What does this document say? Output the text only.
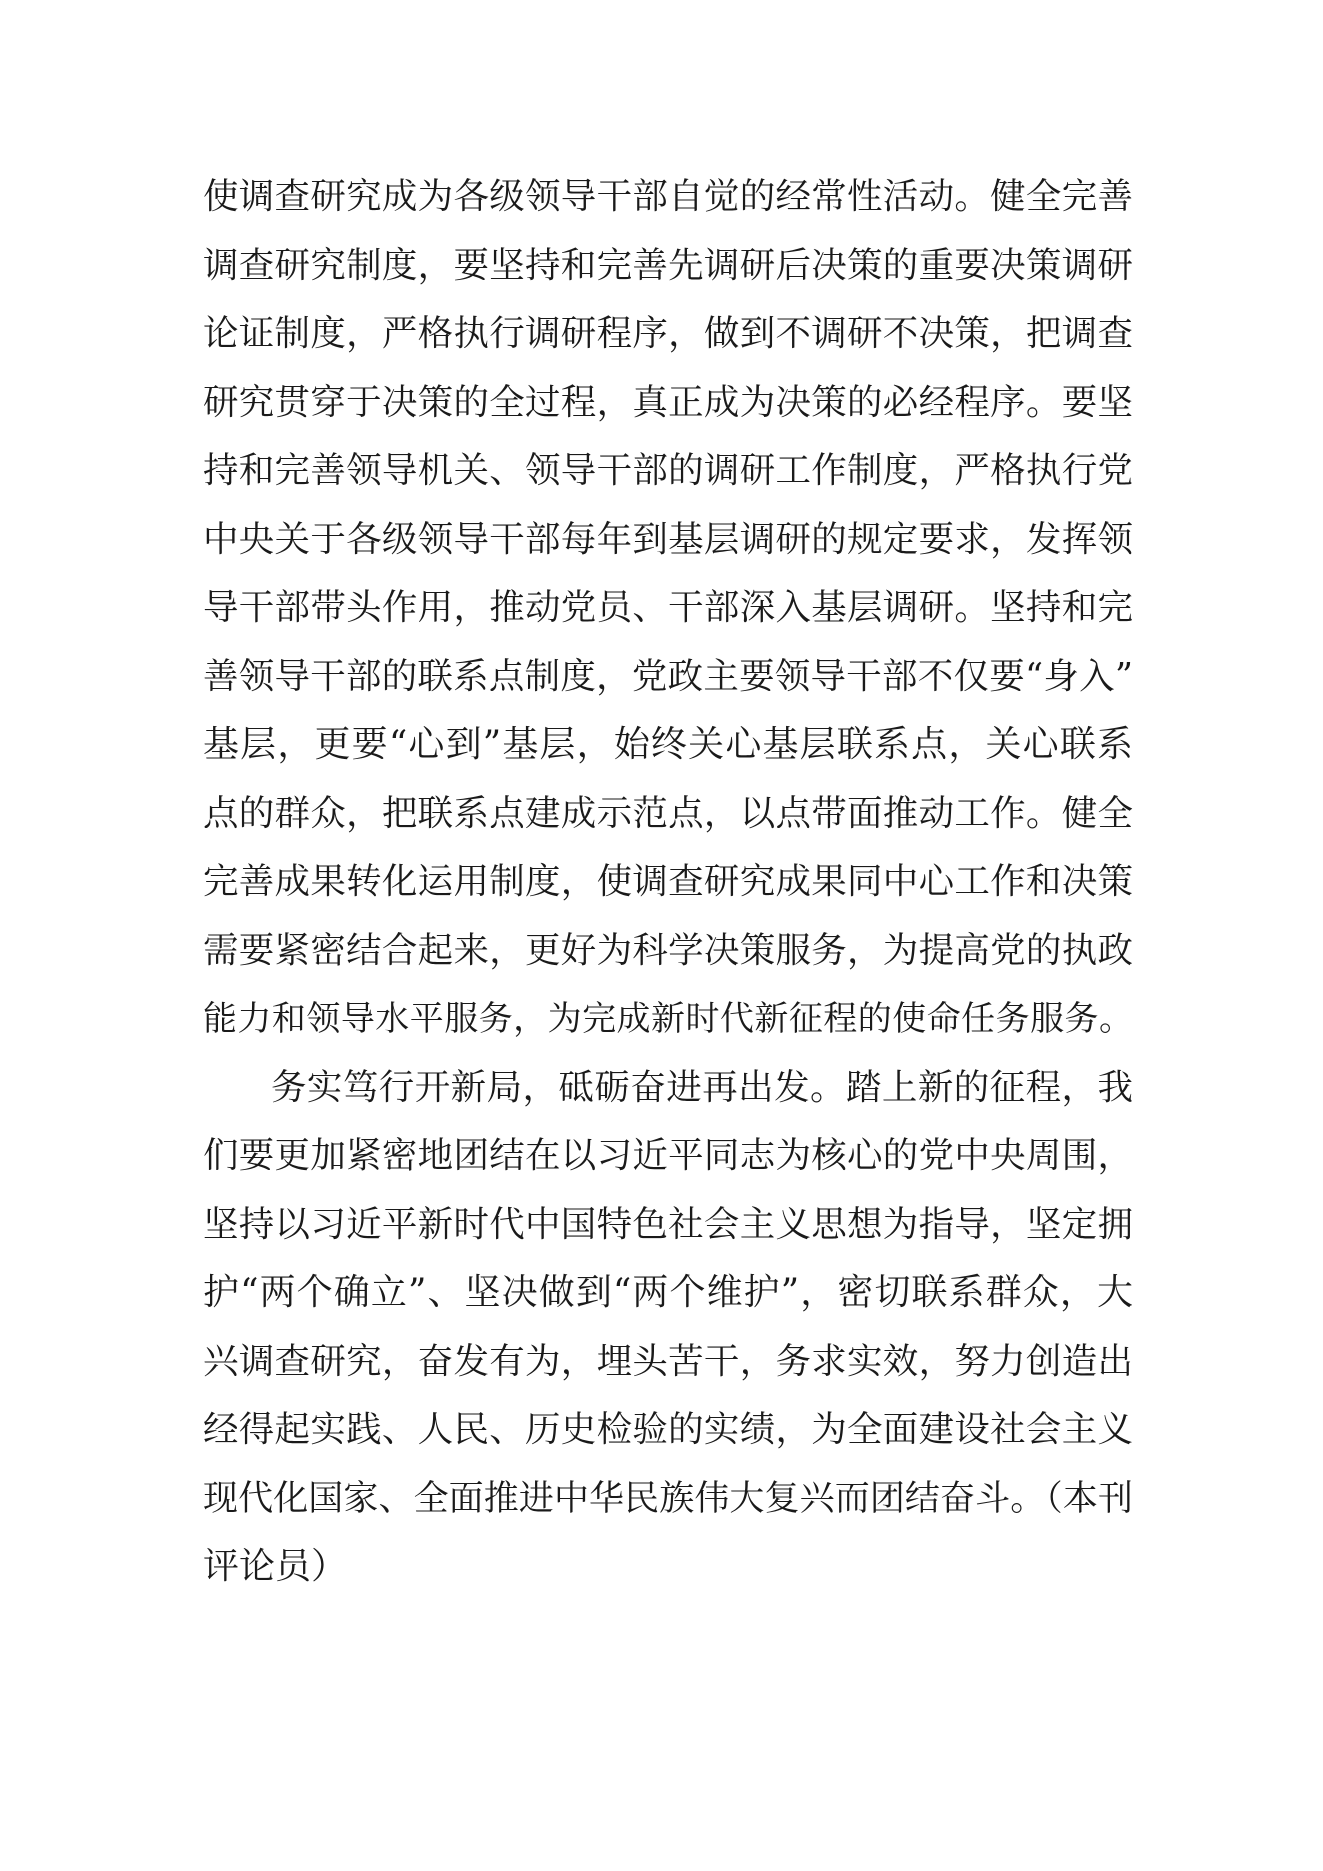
使调查研究成为各级领导干部自觉的经常性活动。健全完善
调查研究制度，要坚持和完善先调研后决策的重要决策调研
论证制度，严格执行调研程序，做到不调研不决策，把调查
研究贯穿于决策的全过程，真正成为决策的必经程序。要坚
持和完善领导机关、领导干部的调研工作制度，严格执行党
中央关于各级领导干部每年到基层调研的规定要求，发挥领
导干部带头作用，推动党员、干部深入基层调研。坚持和完
善领导干部的联系点制度，党政主要领导干部不仅要“身入”
基层，更要“心到”基层，始终关心基层联系点，关心联系
点的群众，把联系点建成示范点，以点带面推动工作。健全
完善成果转化运用制度，使调查研究成果同中心工作和决策
需要紧密结合起来，更好为科学决策服务，为提高党的执政
能力和领导水平服务，为完成新时代新征程的使命任务服务。
务实笃行开新局，砥砺奋进再出发。踏上新的征程，我
们要更加紧密地团结在以习近平同志为核心的党中央周围，
坚持以习近平新时代中国特色社会主义思想为指导，坚定拥
护“两个确立”、坚决做到“两个维护”，密切联系群众，大
兴调查研究，奋发有为，埋头苦干，务求实效，努力创造出
经得起实践、人民、历史检验的实绩，为全面建设社会主义
现代化国家、全面推进中华民族伟大复兴而团结奋斗。（本刊
评论员）
